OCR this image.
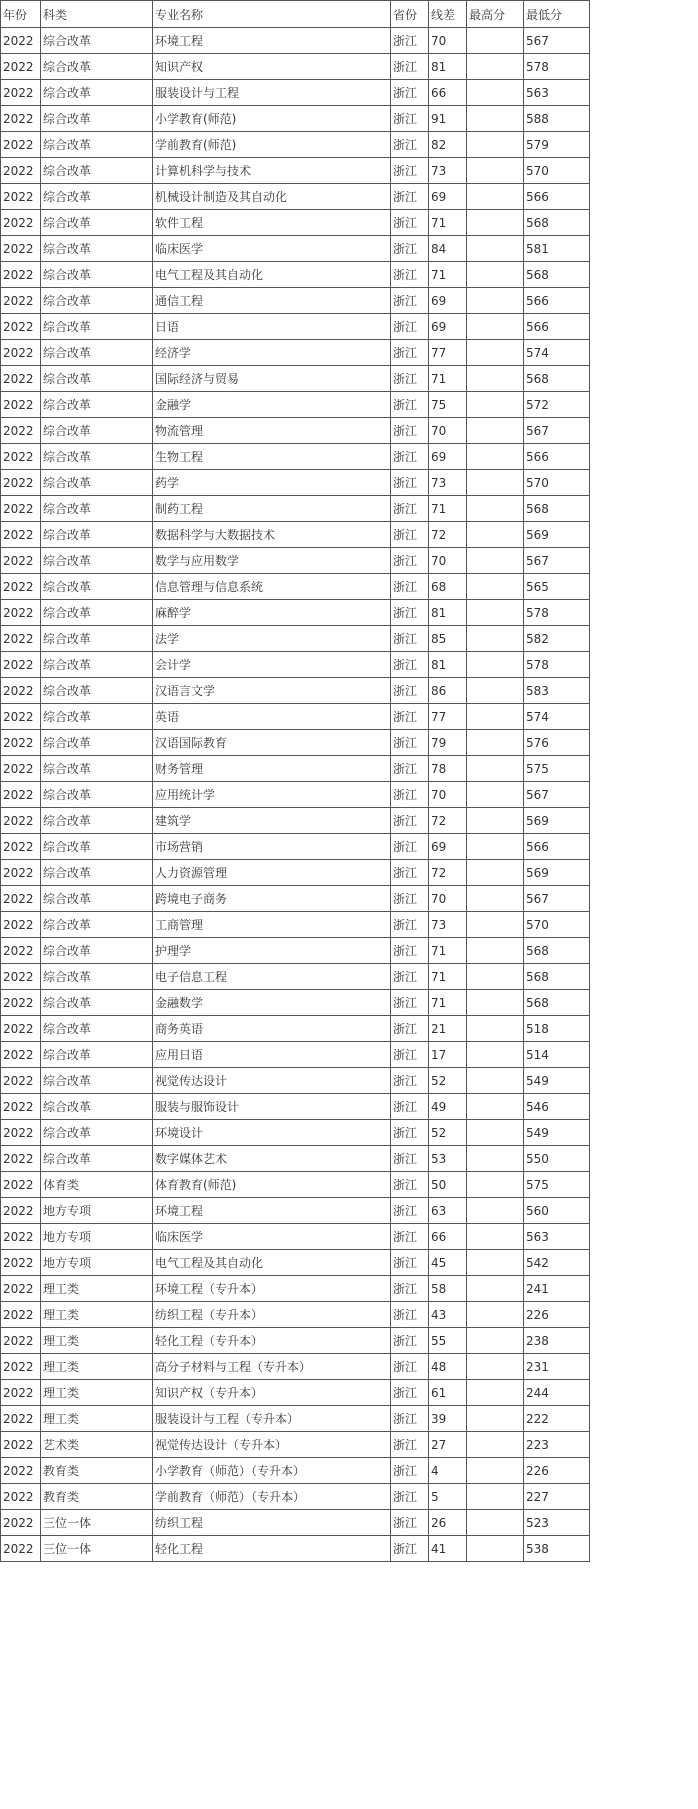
年份	科类	专业名称	省份	线差	最高分	最低分
2022	综合改革	环境工程	浙江	70		567
2022	综合改革	知识产权	浙江	81		578
2022	综合改革	服装设计与工程	浙江	66		563
2022	综合改革	小学教育(师范)	浙江	91		588
2022	综合改革	学前教育(师范)	浙江	82		579
2022	综合改革	计算机科学与技术	浙江	73		570
2022	综合改革	机械设计制造及其自动化	浙江	69		566
2022	综合改革	软件工程	浙江	71		568
2022	综合改革	临床医学	浙江	84		581
2022	综合改革	电气工程及其自动化	浙江	71		568
2022	综合改革	通信工程	浙江	69		566
2022	综合改革	日语	浙江	69		566
2022	综合改革	经济学	浙江	77		574
2022	综合改革	国际经济与贸易	浙江	71		568
2022	综合改革	金融学	浙江	75		572
2022	综合改革	物流管理	浙江	70		567
2022	综合改革	生物工程	浙江	69		566
2022	综合改革	药学	浙江	73		570
2022	综合改革	制药工程	浙江	71		568
2022	综合改革	数据科学与大数据技术	浙江	72		569
2022	综合改革	数学与应用数学	浙江	70		567
2022	综合改革	信息管理与信息系统	浙江	68		565
2022	综合改革	麻醉学	浙江	81		578
2022	综合改革	法学	浙江	85		582
2022	综合改革	会计学	浙江	81		578
2022	综合改革	汉语言文学	浙江	86		583
2022	综合改革	英语	浙江	77		574
2022	综合改革	汉语国际教育	浙江	79		576
2022	综合改革	财务管理	浙江	78		575
2022	综合改革	应用统计学	浙江	70		567
2022	综合改革	建筑学	浙江	72		569
2022	综合改革	市场营销	浙江	69		566
2022	综合改革	人力资源管理	浙江	72		569
2022	综合改革	跨境电子商务	浙江	70		567
2022	综合改革	工商管理	浙江	73		570
2022	综合改革	护理学	浙江	71		568
2022	综合改革	电子信息工程	浙江	71		568
2022	综合改革	金融数学	浙江	71		568
2022	综合改革	商务英语	浙江	21		518
2022	综合改革	应用日语	浙江	17		514
2022	综合改革	视觉传达设计	浙江	52		549
2022	综合改革	服装与服饰设计	浙江	49		546
2022	综合改革	环境设计	浙江	52		549
2022	综合改革	数字媒体艺术	浙江	53		550
2022	体育类	体育教育(师范)	浙江	50		575
2022	地方专项	环境工程	浙江	63		560
2022	地方专项	临床医学	浙江	66		563
2022	地方专项	电气工程及其自动化	浙江	45		542
2022	理工类	环境工程（专升本）	浙江	58		241
2022	理工类	纺织工程（专升本）	浙江	43		226
2022	理工类	轻化工程（专升本）	浙江	55		238
2022	理工类	高分子材料与工程（专升本）	浙江	48		231
2022	理工类	知识产权（专升本）	浙江	61		244
2022	理工类	服装设计与工程（专升本）	浙江	39		222
2022	艺术类	视觉传达设计（专升本）	浙江	27		223
2022	教育类	小学教育（师范）（专升本）	浙江	4		226
2022	教育类	学前教育（师范）（专升本）	浙江	5		227
2022	三位一体	纺织工程	浙江	26		523
2022	三位一体	轻化工程	浙江	41		538
